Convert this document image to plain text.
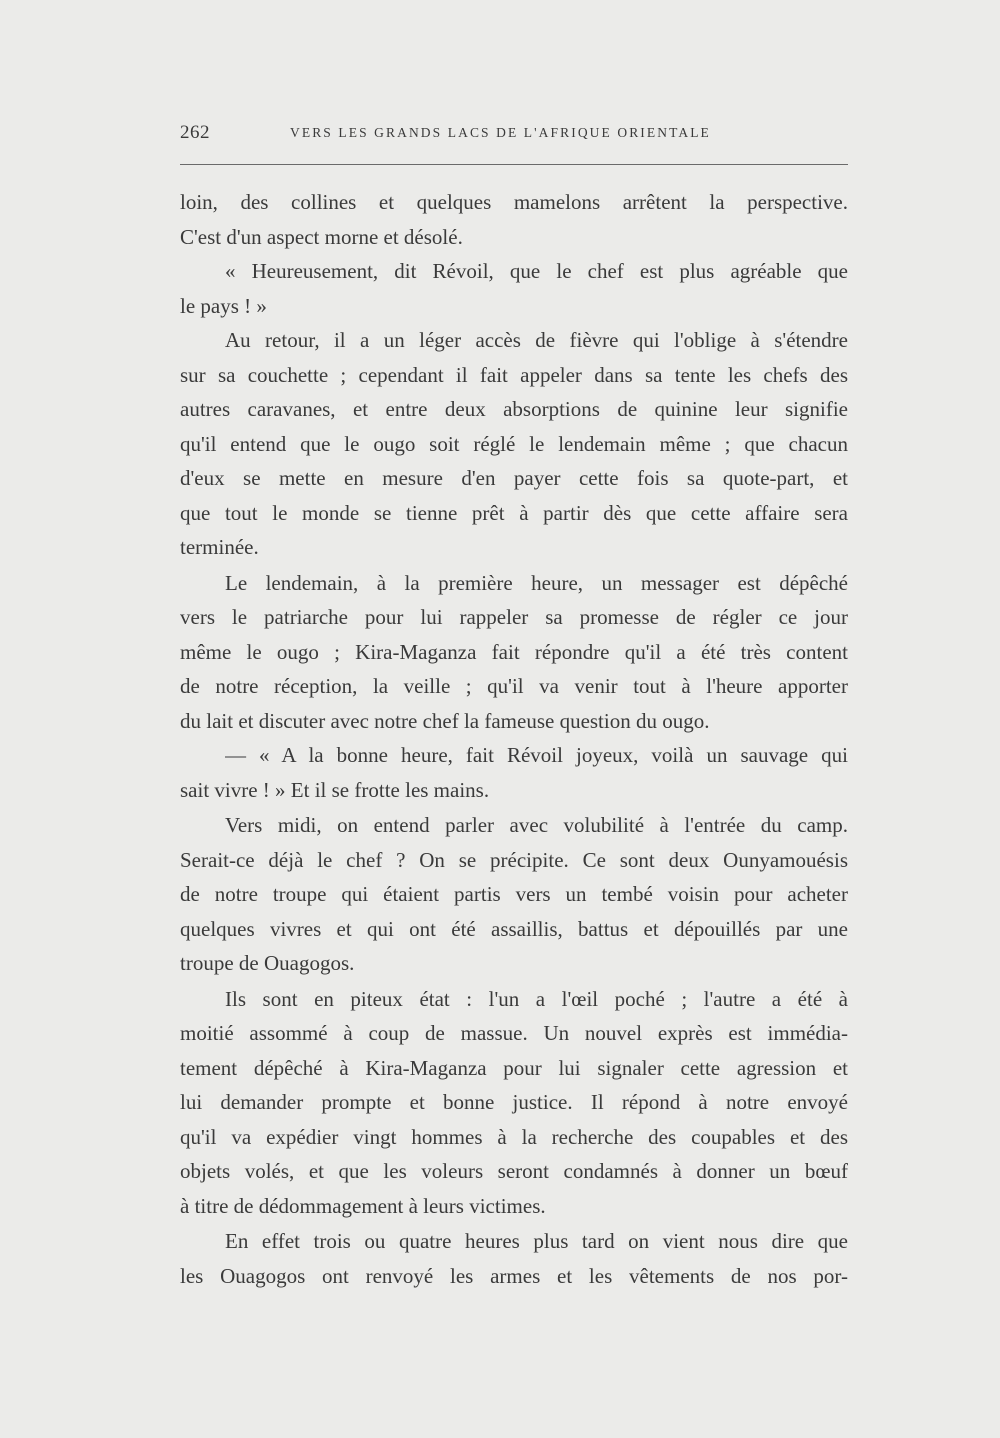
262	VERS LES GRANDS LACS DE L'AFRIQUE ORIENTALE
loin, des collines et quelques mamelons arrêtent la perspective.
C'est d'un aspect morne et désolé.
« Heureusement, dit Révoil, que le chef est plus agréable que
le pays ! »
Au retour, il a un léger accès de fièvre qui l'oblige à s'étendre
sur sa couchette ; cependant il fait appeler dans sa tente les chefs des
autres caravanes, et entre deux absorptions de quinine leur signifie
qu'il entend que le ougo soit réglé le lendemain même ; que chacun
d'eux se mette en mesure d'en payer cette fois sa quote-part, et
que tout le monde se tienne prêt à partir dès que cette affaire sera
terminée.
Le lendemain, à la première heure, un messager est dépêché
vers le patriarche pour lui rappeler sa promesse de régler ce jour
même le ougo ; Kira-Maganza fait répondre qu'il a été très content
de notre réception, la veille ; qu'il va venir tout à l'heure apporter
du lait et discuter avec notre chef la fameuse question du ougo.
— « A la bonne heure, fait Révoil joyeux, voilà un sauvage qui
sait vivre ! » Et il se frotte les mains.
Vers midi, on entend parler avec volubilité à l'entrée du camp.
Serait-ce déjà le chef ? On se précipite. Ce sont deux Ounyamouésis
de notre troupe qui étaient partis vers un tembé voisin pour acheter
quelques vivres et qui ont été assaillis, battus et dépouillés par une
troupe de Ouagogos.
Ils sont en piteux état : l'un a l'œil poché ; l'autre a été à
moitié assommé à coup de massue. Un nouvel exprès est immédia-
tement dépêché à Kira-Maganza pour lui signaler cette agression et
lui demander prompte et bonne justice. Il répond à notre envoyé
qu'il va expédier vingt hommes à la recherche des coupables et des
objets volés, et que les voleurs seront condamnés à donner un bœuf
à titre de dédommagement à leurs victimes.
En effet trois ou quatre heures plus tard on vient nous dire que
les Ouagogos ont renvoyé les armes et les vêtements de nos por-
